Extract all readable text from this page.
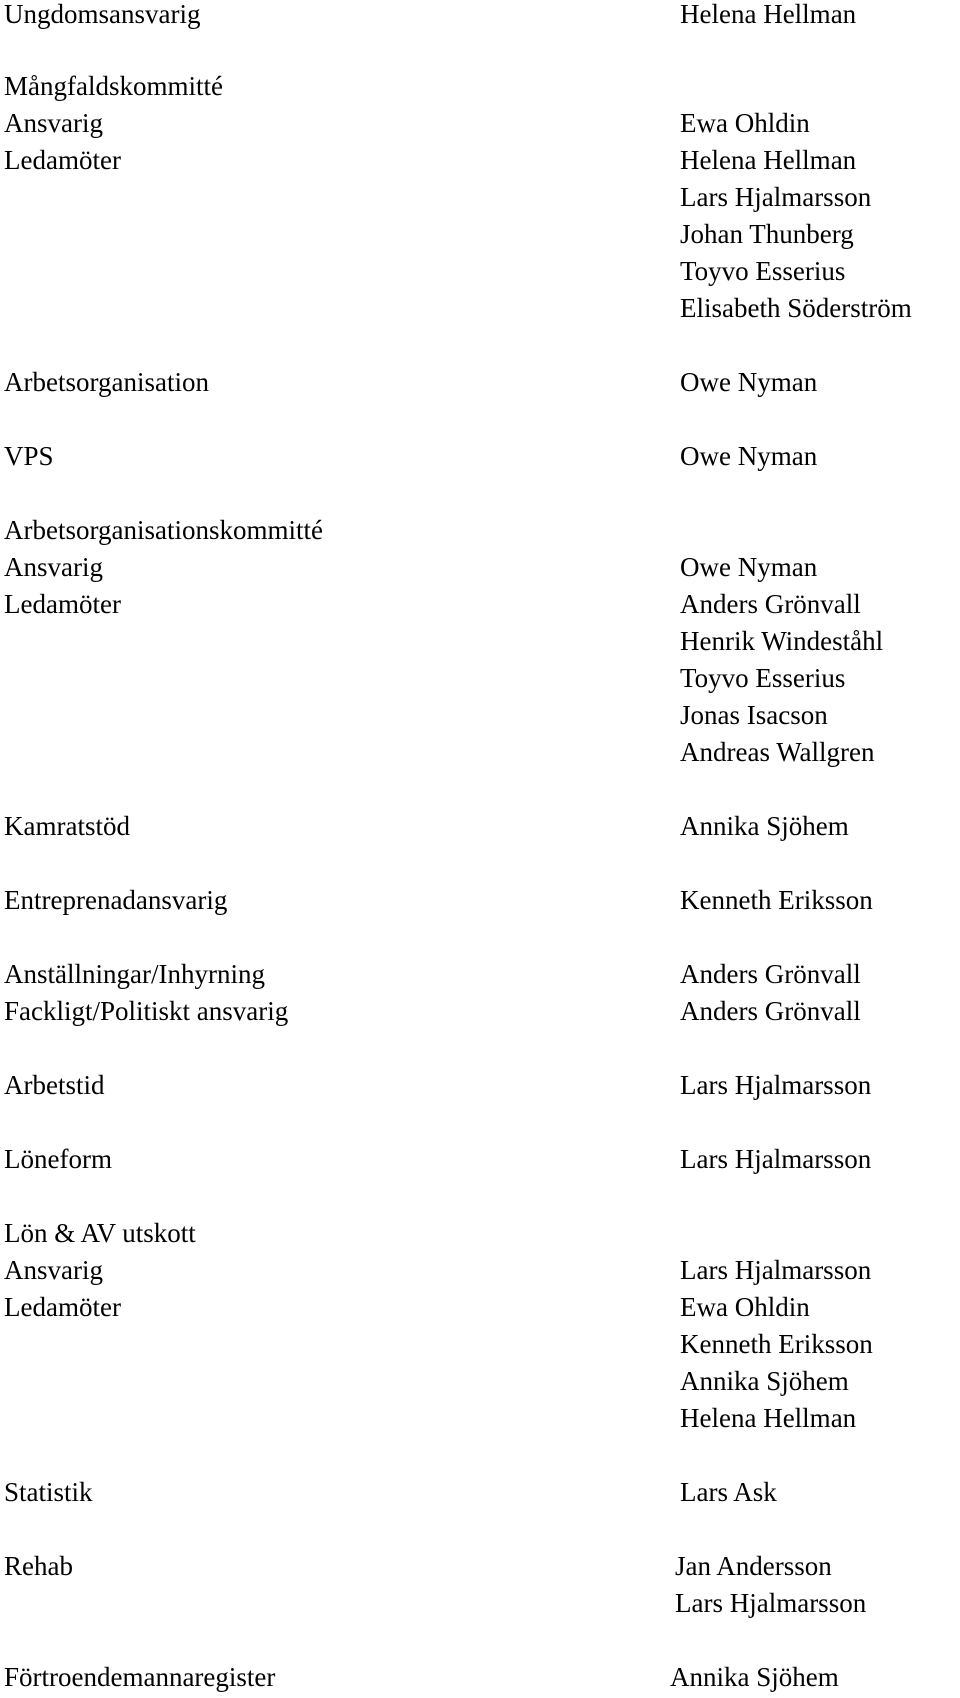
Ungdomsansvarig
Mångfaldskommitté
Ansvarig
Ledamöter
Arbetsorganisation
VPS
Arbetsorganisationskommitté
Ansvarig
Ledamöter
Kamratstöd
Entreprenadansvarig
Anställningar/Inhyrning
Fackligt/Politiskt ansvarig
Arbetstid
Löneform
Lön & AV utskott
Ansvarig
Ledamöter
Statistik
Rehab
Förtroendemannaregister
Helena Hellman
Ewa Ohldin
Helena Hellman
Lars Hjalmarsson
Johan Thunberg
Toyvo Esserius
Elisabeth Söderström
Owe Nyman
Owe Nyman
Owe Nyman
Anders Grönvall
Henrik Windeståhl
Toyvo Esserius
Jonas Isacson
Andreas Wallgren
Annika Sjöhem
Kenneth Eriksson
Anders Grönvall
Anders Grönvall
Lars Hjalmarsson
Lars Hjalmarsson
Lars Hjalmarsson
Ewa Ohldin
Kenneth Eriksson
Annika Sjöhem
Helena Hellman
Lars Ask
Jan Andersson
Lars Hjalmarsson
Annika Sjöhem
